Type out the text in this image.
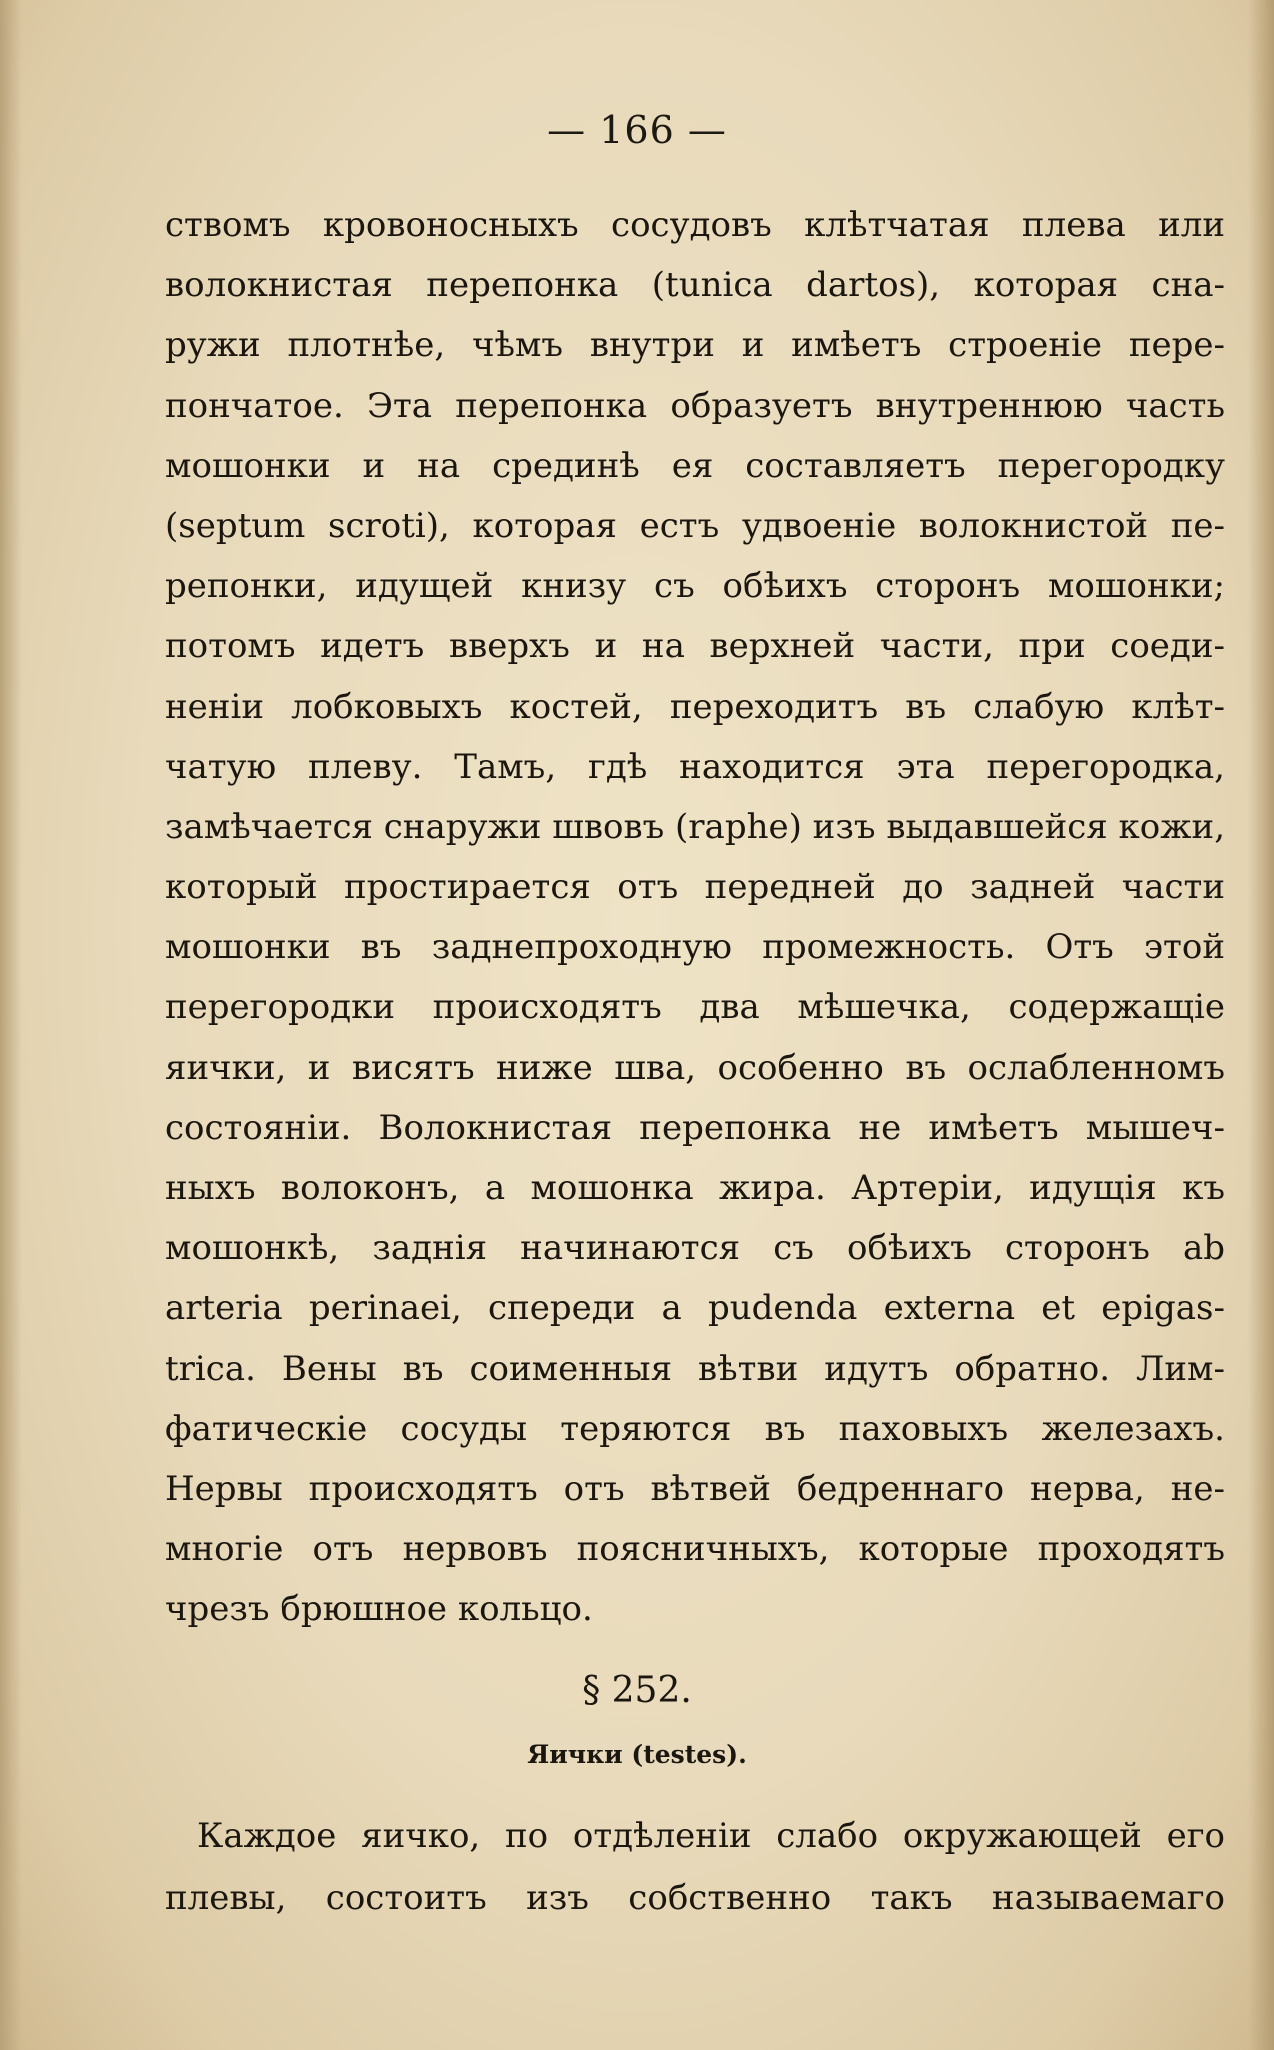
— 166 —
ствомъ кровоносныхъ сосудовъ клѣтчатая плева или
волокнистая перепонка (tunica dartos), которая сна-
ружи плотнѣе, чѣмъ внутри и имѣетъ строеніе пере-
пончатое. Эта перепонка образуетъ внутреннюю часть
мошонки и на срединѣ ея составляетъ перегородку
(septum scroti), которая естъ удвоеніе волокнистой пе-
репонки, идущей книзу съ обѣихъ сторонъ мошонки;
потомъ идетъ вверхъ и на верхней части, при соеди-
неніи лобковыхъ костей, переходитъ въ слабую клѣт-
чатую плеву. Тамъ, гдѣ находится эта перегородка,
замѣчается снаружи швовъ (raphe) изъ выдавшейся кожи,
который простирается отъ передней до задней части
мошонки въ заднепроходную промежность. Отъ этой
перегородки происходятъ два мѣшечка, содержащіе
яички, и висятъ ниже шва, особенно въ ослабленномъ
состояніи. Волокнистая перепонка не имѣетъ мышеч-
ныхъ волоконъ, а мошонка жира. Артеріи, идущія къ
мошонкѣ, заднія начинаются съ обѣихъ сторонъ ab
arteria perinaei, спереди a pudenda externa et epigas-
trica. Вены въ соименныя вѣтви идутъ обратно. Лим-
фатическіе сосуды теряются въ паховыхъ железахъ.
Нервы происходятъ отъ вѣтвей бедреннаго нерва, не-
многіе отъ нервовъ поясничныхъ, которые проходятъ
чрезъ брюшное кольцо.
§ 252.
Яички (testes).
Каждое яичко, по отдѣленіи слабо окружающей его
плевы, состоитъ изъ собственно такъ называемаго
